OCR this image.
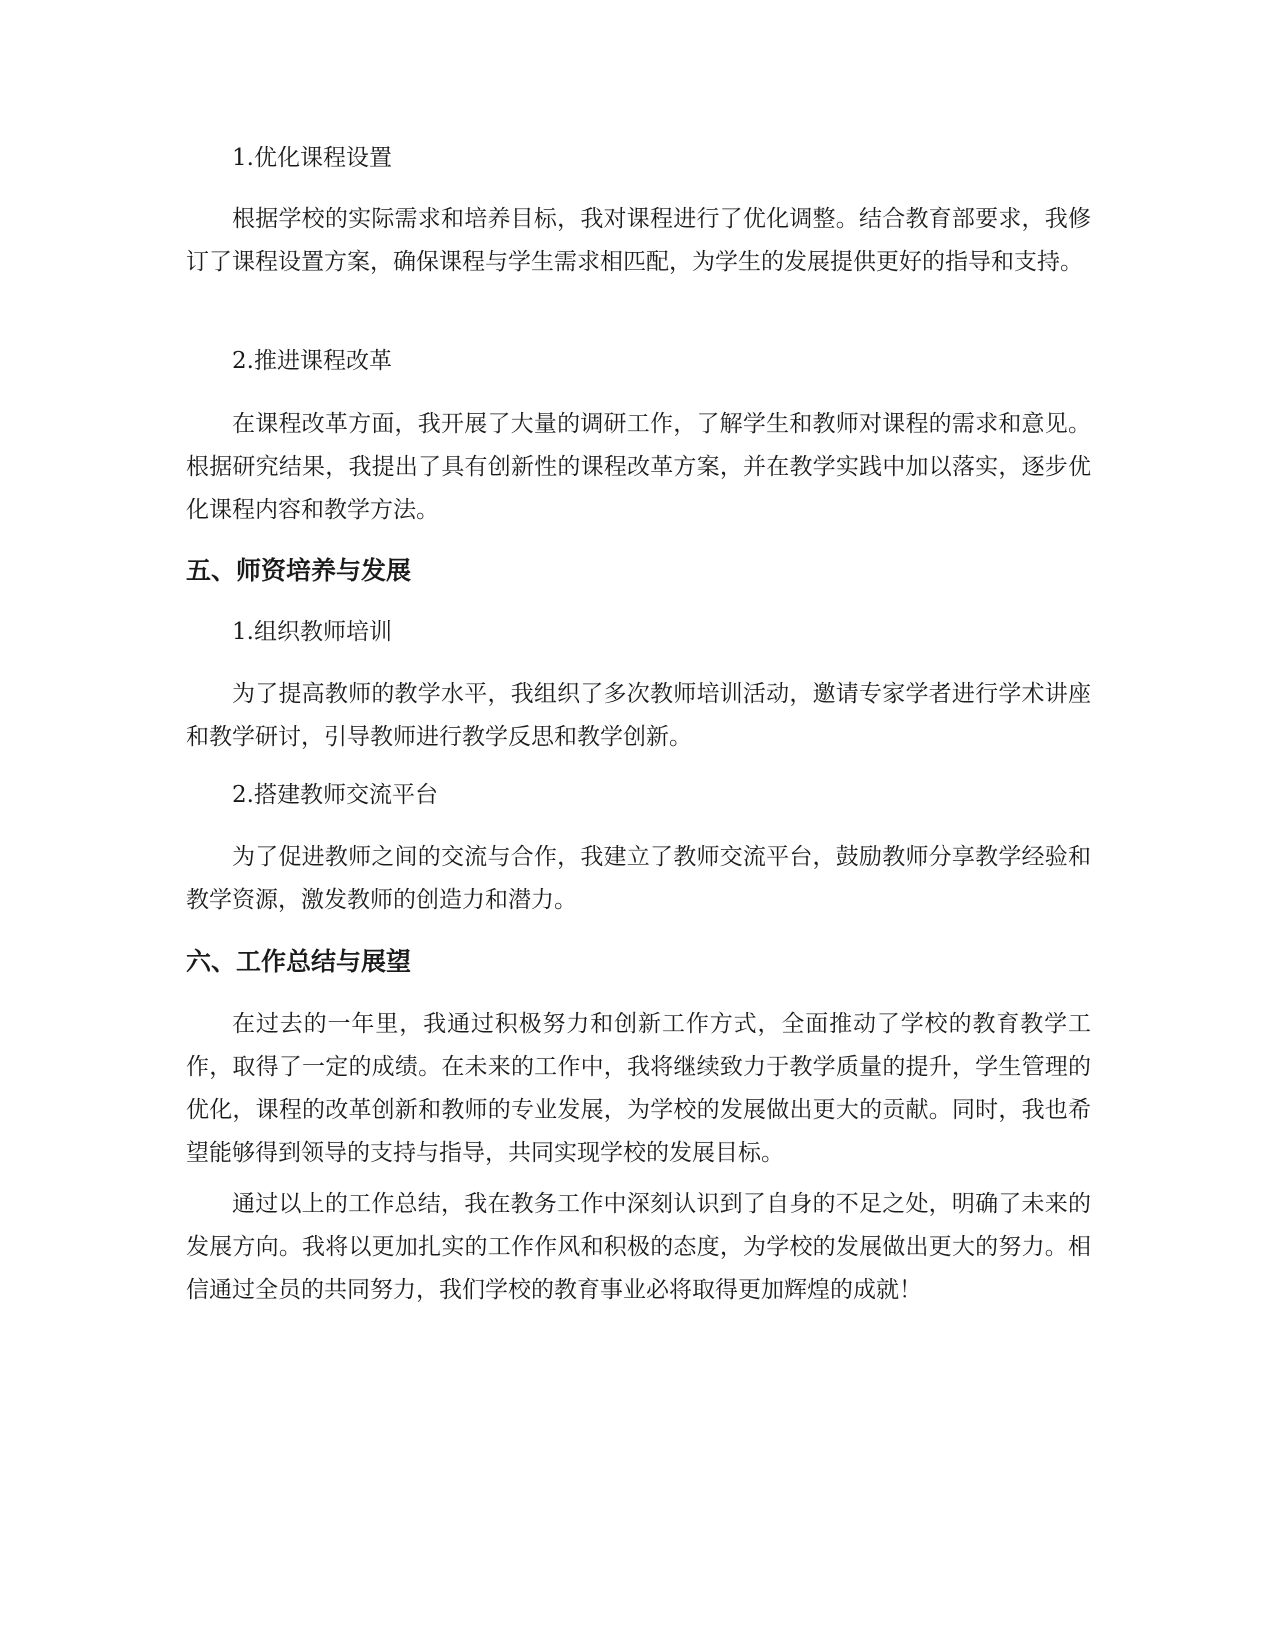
1.优化课程设置

根据学校的实际需求和培养目标，我对课程进行了优化调整。结合教育部要求，我修订了课程设置方案，确保课程与学生需求相匹配，为学生的发展提供更好的指导和支持。

2.推进课程改革

在课程改革方面，我开展了大量的调研工作，了解学生和教师对课程的需求和意见。根据研究结果，我提出了具有创新性的课程改革方案，并在教学实践中加以落实，逐步优化课程内容和教学方法。

五、师资培养与发展

1.组织教师培训

为了提高教师的教学水平，我组织了多次教师培训活动，邀请专家学者进行学术讲座和教学研讨，引导教师进行教学反思和教学创新。

2.搭建教师交流平台

为了促进教师之间的交流与合作，我建立了教师交流平台，鼓励教师分享教学经验和教学资源，激发教师的创造力和潜力。

六、工作总结与展望

在过去的一年里，我通过积极努力和创新工作方式，全面推动了学校的教育教学工作，取得了一定的成绩。在未来的工作中，我将继续致力于教学质量的提升，学生管理的优化，课程的改革创新和教师的专业发展，为学校的发展做出更大的贡献。同时，我也希望能够得到领导的支持与指导，共同实现学校的发展目标。

通过以上的工作总结，我在教务工作中深刻认识到了自身的不足之处，明确了未来的发展方向。我将以更加扎实的工作作风和积极的态度，为学校的发展做出更大的努力。相信通过全员的共同努力，我们学校的教育事业必将取得更加辉煌的成就！
